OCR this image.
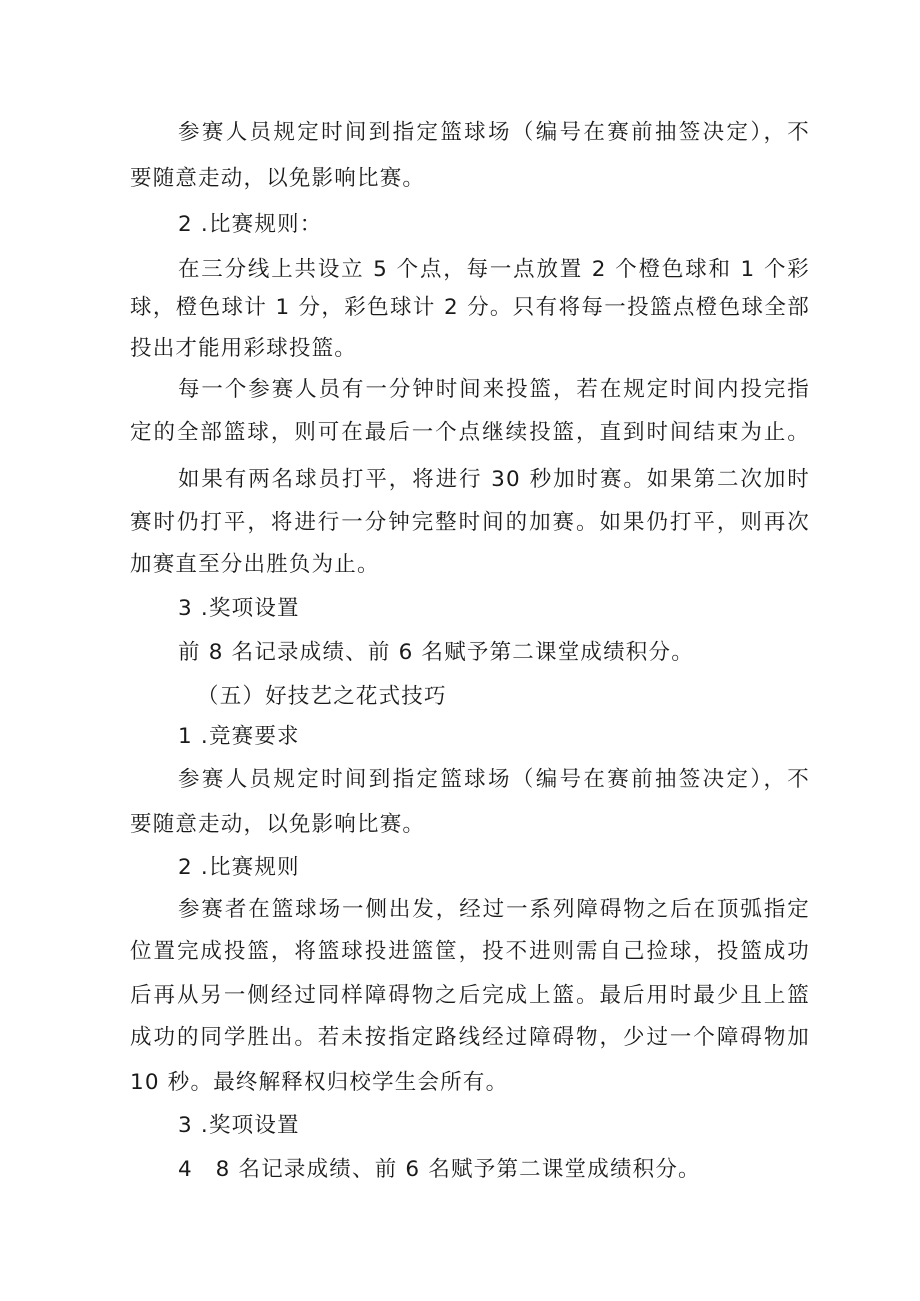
参赛人员规定时间到指定篮球场（编号在赛前抽签决定），不
要随意走动，以免影响比赛。
2 .比赛规则：
在三分线上共设立 5 个点，每一点放置 2 个橙色球和 1 个彩
球，橙色球计 1 分，彩色球计 2 分。只有将每一投篮点橙色球全部
投出才能用彩球投篮。
每一个参赛人员有一分钟时间来投篮，若在规定时间内投完指
定的全部篮球，则可在最后一个点继续投篮，直到时间结束为止。
如果有两名球员打平，将进行 30 秒加时赛。如果第二次加时
赛时仍打平，将进行一分钟完整时间的加赛。如果仍打平，则再次
加赛直至分出胜负为止。
3 .奖项设置
前 8 名记录成绩、前 6 名赋予第二课堂成绩积分。
（五）好技艺之花式技巧
1 .竞赛要求
参赛人员规定时间到指定篮球场（编号在赛前抽签决定），不
要随意走动，以免影响比赛。
2 .比赛规则
参赛者在篮球场一侧出发，经过一系列障碍物之后在顶弧指定
位置完成投篮，将篮球投进篮筐，投不进则需自己捡球，投篮成功
后再从另一侧经过同样障碍物之后完成上篮。最后用时最少且上篮
成功的同学胜出。若未按指定路线经过障碍物，少过一个障碍物加
10 秒。最终解释权归校学生会所有。
3 .奖项设置
4　8 名记录成绩、前 6 名赋予第二课堂成绩积分。
